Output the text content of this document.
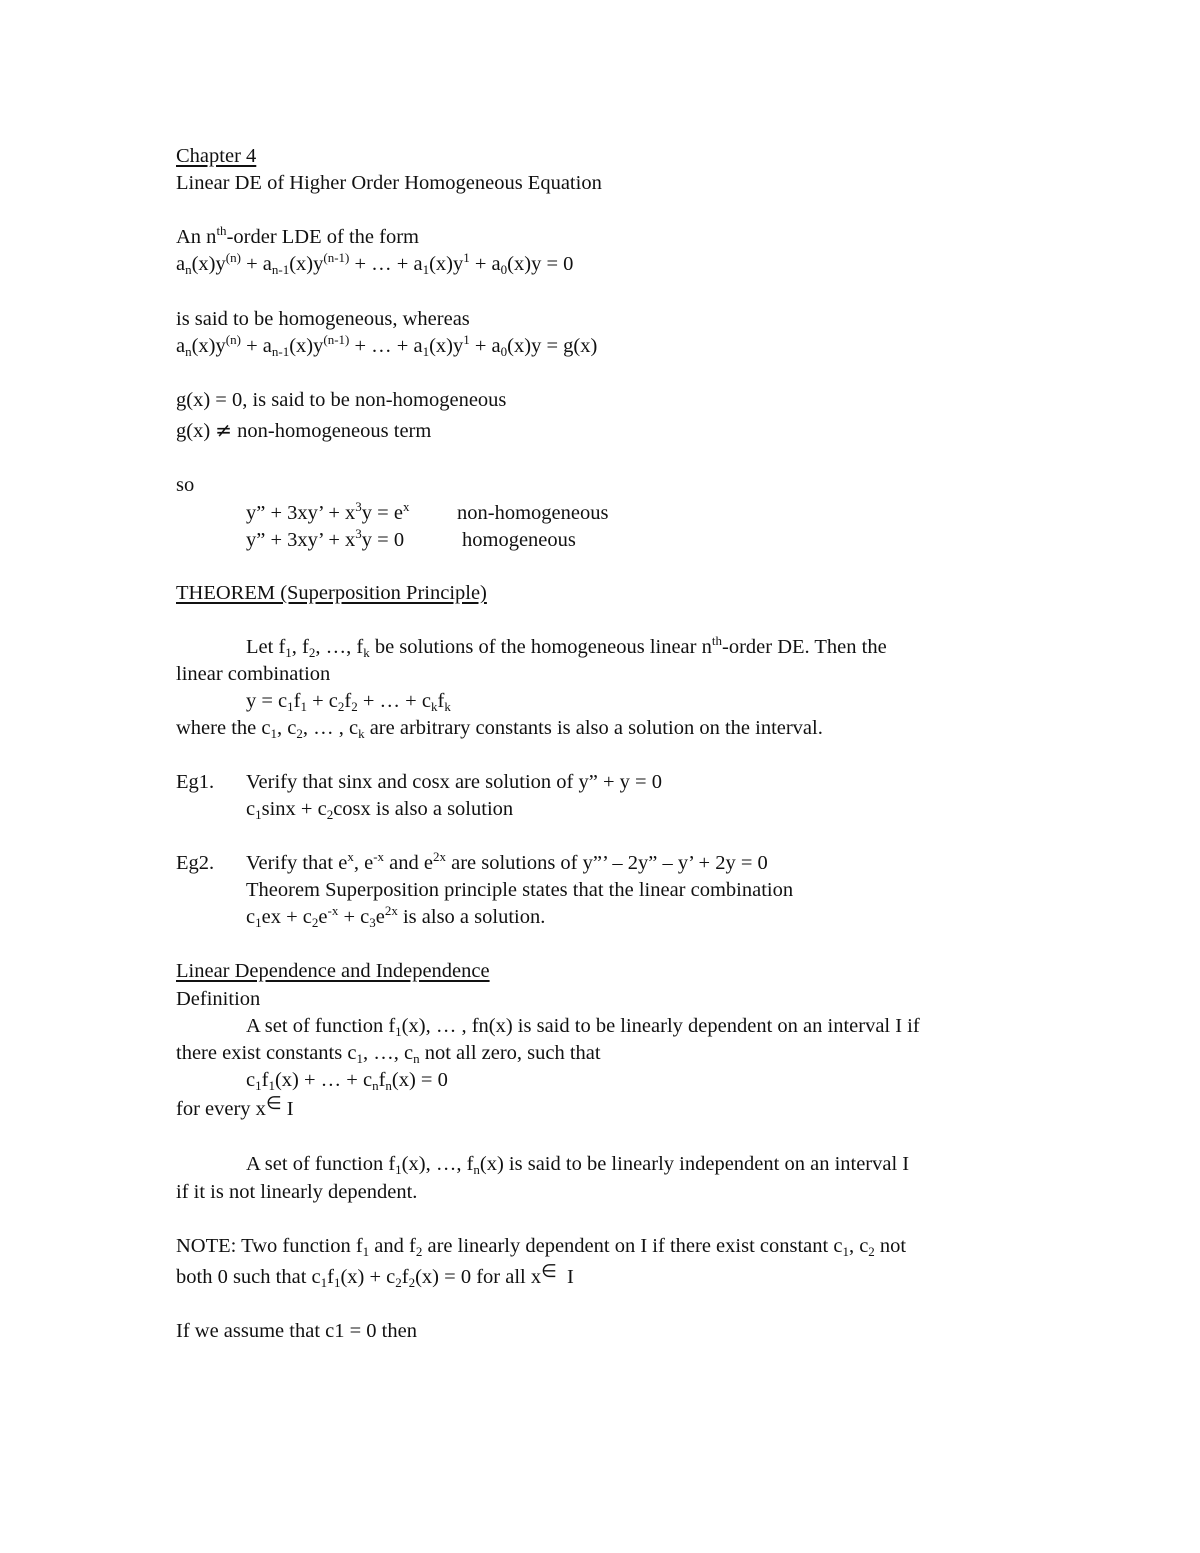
Chapter 4
Linear DE of Higher Order Homogeneous Equation
An $n^{th}$-order LDE of the form
$a_n(x)y^{(n)} + a_{n-1}(x)y^{(n-1)}$ + … + $a_1(x)y^1 + a_0(x)y = 0$
is said to be homogeneous, whereas
$a_n(x)y^{(n)} + a_{n-1}(x)y^{(n-1)}$ + … + $a_1(x)y^1 + a_0(x)y = g(x)$
g(x) = 0, is said to be non-homogeneous
g(x) ≠ non-homogeneous term
so
y” + 3xy’ + $x^3y = e^x$ non-homogeneous
y” + 3xy’ + $x^3y = 0$	homogeneous
THEOREM (Superposition Principle)
Let $f_1$, $f_2$, …, $f_k$ be solutions of the homogeneous linear $n^{th}$-order DE. Then the
linear combination
$y = c_1f_1 + c_2f_2$ + … + $c_kf_k$
where the $c_1$, $c_2$, … , $c_k$ are arbitrary constants is also a solution on the interval.
Eg1. Verify that sinx and cosx are solution of y” + y = 0
$c_1\sin x + c_2\cos x$ is also a solution
Eg2. Verify that $e^x$, $e^{-x}$ and $e^{2x}$ are solutions of y”’ – 2y” – y’ + 2y = 0
Theorem Superposition principle states that the linear combination
$c_1ex + c_2e^{-x} + c_3e^{2x}$ is also a solution.
Linear Dependence and Independence
Definition
A set of function $f_1(x)$, … , fn(x) is said to be linearly dependent on an interval I if
there exist constants $c_1$, …, $c_n$ not all zero, such that
$c_1f_1(x)$ + … + $c_nf_n(x) = 0$
for every x∈ I
A set of function $f_1(x)$, …, $f_n(x)$ is said to be linearly independent on an interval I
if it is not linearly dependent.
NOTE: Two function $f_1$ and $f_2$ are linearly dependent on I if there exist constant $c_1$, $c_2$ not
both 0 such that $c_1f_1(x) + c_2f_2(x) = 0$ for all x∈  I
If we assume that c1 = 0 then
